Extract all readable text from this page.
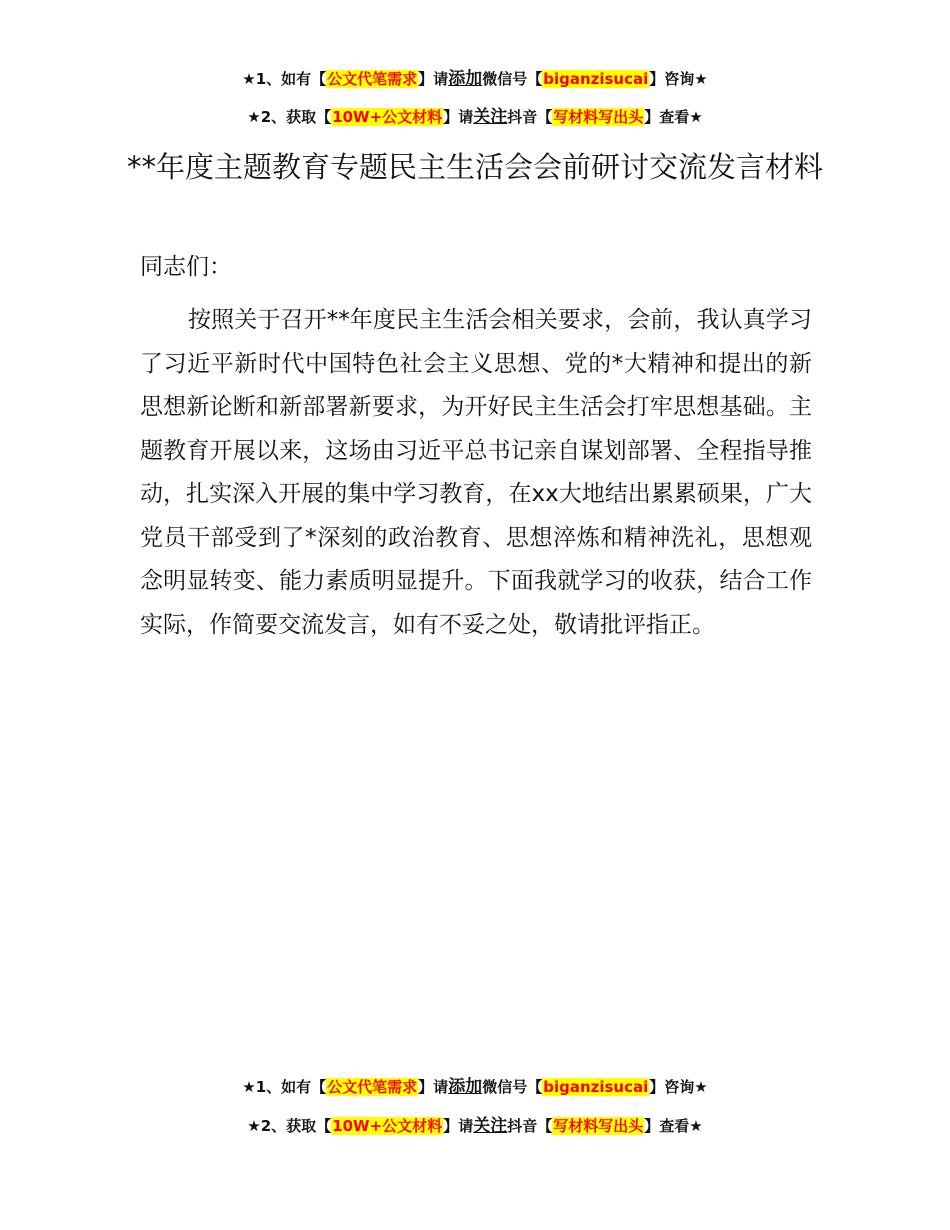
★1、如有【公文代笔需求】请添加微信号【biganzisucai】咨询★
★2、获取【10W+公文材料】请关注抖音【写材料写出头】查看★
**年度主题教育专题民主生活会会前研讨交流发言材料
同志们：

按照关于召开**年度民主生活会相关要求，会前，我认真学习了习近平新时代中国特色社会主义思想、党的*大精神和提出的新思想新论断和新部署新要求，为开好民主生活会打牢思想基础。主题教育开展以来，这场由习近平总书记亲自谋划部署、全程指导推动，扎实深入开展的集中学习教育，在xx大地结出累累硕果，广大党员干部受到了*深刻的政治教育、思想淬炼和精神洗礼，思想观念明显转变、能力素质明显提升。下面我就学习的收获，结合工作实际，作简要交流发言，如有不妥之处，敬请批评指正。

★1、如有【公文代笔需求】请添加微信号【biganzisucai】咨询★
★2、获取【10W+公文材料】请关注抖音【写材料写出头】查看★
